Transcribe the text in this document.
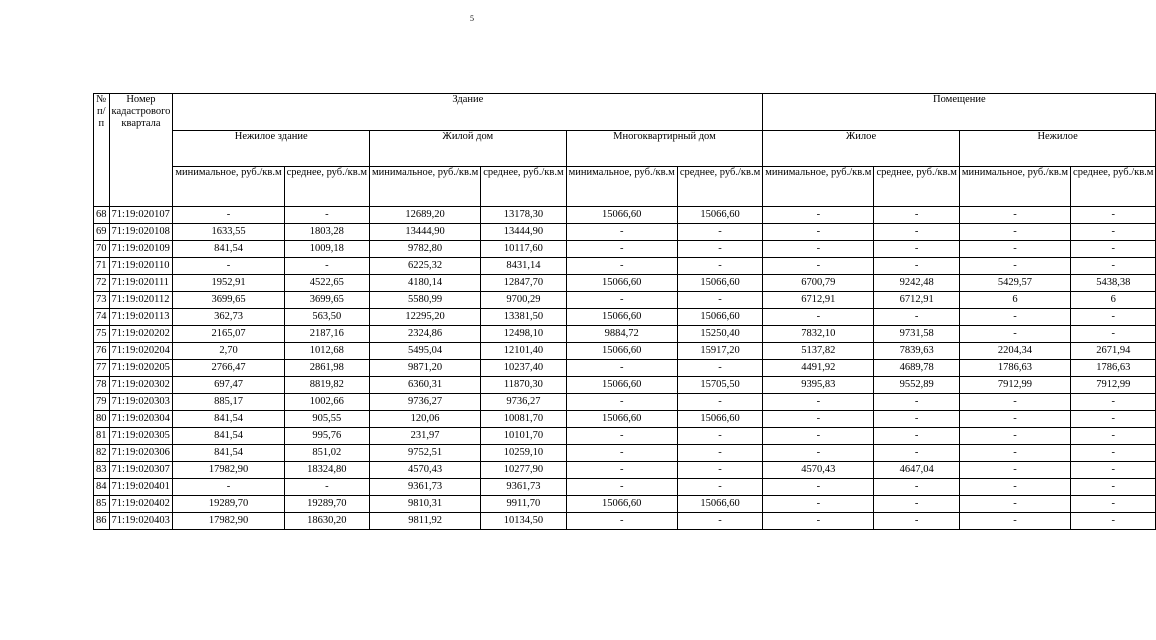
5
№ п/п	Номер кадастрового квартала	Здание						Помещение			
		Нежилое здание		Жилой дом		Многоквартирный дом		Жилое		Нежилое	
		минимальное, руб./кв.м	среднее, руб./кв.м	минимальное, руб./кв.м	среднее, руб./кв.м	минимальное, руб./кв.м	среднее, руб./кв.м	минимальное, руб./кв.м	среднее, руб./кв.м	минимальное, руб./кв.м	среднее, руб./кв.м
68	71:19:020107	-	-	12689,20	13178,30	15066,60	15066,60	-	-	-	-
69	71:19:020108	1633,55	1803,28	13444,90	13444,90	-	-	-	-	-	-
70	71:19:020109	841,54	1009,18	9782,80	10117,60	-	-	-	-	-	-
71	71:19:020110	-	-	6225,32	8431,14	-	-	-	-	-	-
72	71:19:020111	1952,91	4522,65	4180,14	12847,70	15066,60	15066,60	6700,79	9242,48	5429,57	5438,38
73	71:19:020112	3699,65	3699,65	5580,99	9700,29	-	-	6712,91	6712,91	6	6
74	71:19:020113	362,73	563,50	12295,20	13381,50	15066,60	15066,60	-	-	-	-
75	71:19:020202	2165,07	2187,16	2324,86	12498,10	9884,72	15250,40	7832,10	9731,58	-	-
76	71:19:020204	2,70	1012,68	5495,04	12101,40	15066,60	15917,20	5137,82	7839,63	2204,34	2671,94
77	71:19:020205	2766,47	2861,98	9871,20	10237,40	-	-	4491,92	4689,78	1786,63	1786,63
78	71:19:020302	697,47	8819,82	6360,31	11870,30	15066,60	15705,50	9395,83	9552,89	7912,99	7912,99
79	71:19:020303	885,17	1002,66	9736,27	9736,27	-	-	-	-	-	-
80	71:19:020304	841,54	905,55	120,06	10081,70	15066,60	15066,60	-	-	-	-
81	71:19:020305	841,54	995,76	231,97	10101,70	-	-	-	-	-	-
82	71:19:020306	841,54	851,02	9752,51	10259,10	-	-	-	-	-	-
83	71:19:020307	17982,90	18324,80	4570,43	10277,90	-	-	4570,43	4647,04	-	-
84	71:19:020401	-	-	9361,73	9361,73	-	-	-	-	-	-
85	71:19:020402	19289,70	19289,70	9810,31	9911,70	15066,60	15066,60	-	-	-	-
86	71:19:020403	17982,90	18630,20	9811,92	10134,50	-	-	-	-	-	-
